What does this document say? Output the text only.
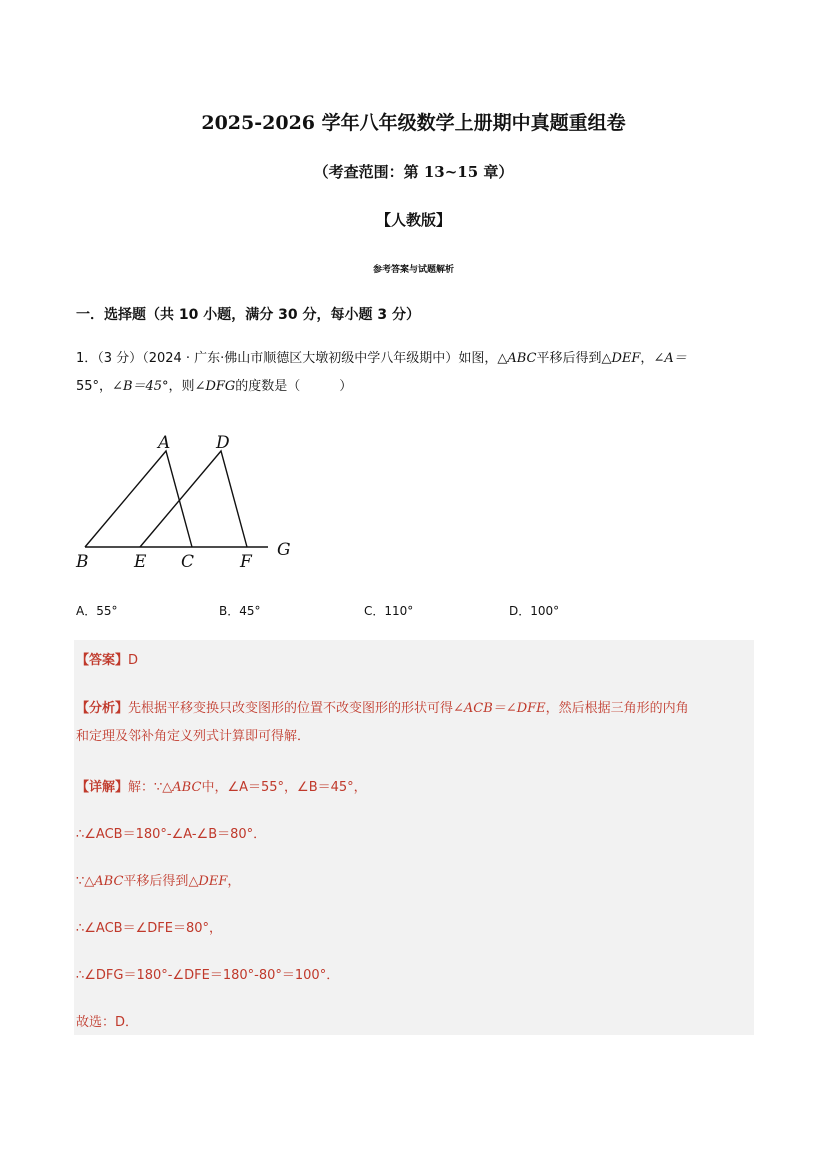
2025-2026 学年八年级数学上册期中真题重组卷
（考查范围：第 13~15 章）
【人教版】
参考答案与试题解析
一．选择题（共 10 小题，满分 30 分，每小题 3 分）
1．（3 分）（2024 · 广东·佛山市顺德区大墩初级中学八年级期中）如图，△ABC平移后得到△DEF，∠A＝
55°，∠B＝45°，则∠DFG的度数是（　　　）
A	D
B	E C	F
G
A．55°	B．45°	C．110°	D．100°
【答案】D
【分析】先根据平移变换只改变图形的位置不改变图形的形状可得∠ACB＝∠DFE，然后根据三角形的内角
和定理及邻补角定义列式计算即可得解．
【详解】解：∵△ABC中，∠A＝55°，∠B＝45°，
∴∠ACB＝180°-∠A-∠B＝80°．
∵△ABC平移后得到△DEF，
∴∠ACB＝∠DFE＝80°，
∴∠DFG＝180°-∠DFE＝180°-80°＝100°．
故选：D．
